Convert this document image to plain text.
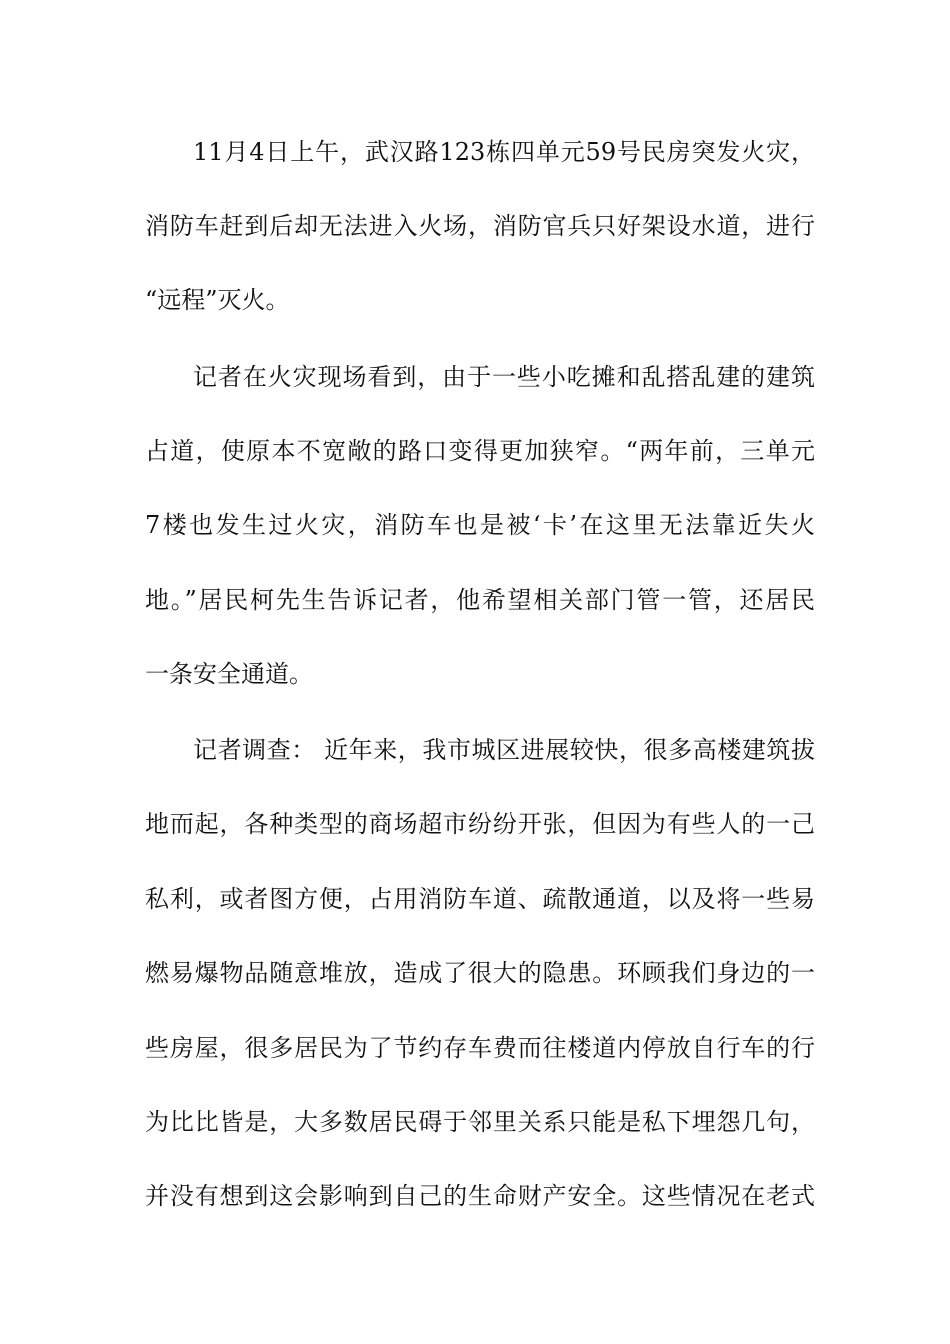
11月4日上午，武汉路123栋四单元59号民房突发火灾，
消防车赶到后却无法进入火场，消防官兵只好架设水道，进行
“远程”灭火。
记者在火灾现场看到，由于一些小吃摊和乱搭乱建的建筑
占道，使原本不宽敞的路口变得更加狭窄。“两年前，三单元
7楼也发生过火灾，消防车也是被‘卡’在这里无法靠近失火
地。”居民柯先生告诉记者，他希望相关部门管一管，还居民
一条安全通道。
记者调查： 近年来，我市城区进展较快，很多高楼建筑拔
地而起，各种类型的商场超市纷纷开张，但因为有些人的一己
私利，或者图方便，占用消防车道、疏散通道，以及将一些易
燃易爆物品随意堆放，造成了很大的隐患。环顾我们身边的一
些房屋，很多居民为了节约存车费而往楼道内停放自行车的行
为比比皆是，大多数居民碍于邻里关系只能是私下埋怨几句，
并没有想到这会影响到自己的生命财产安全。这些情况在老式
